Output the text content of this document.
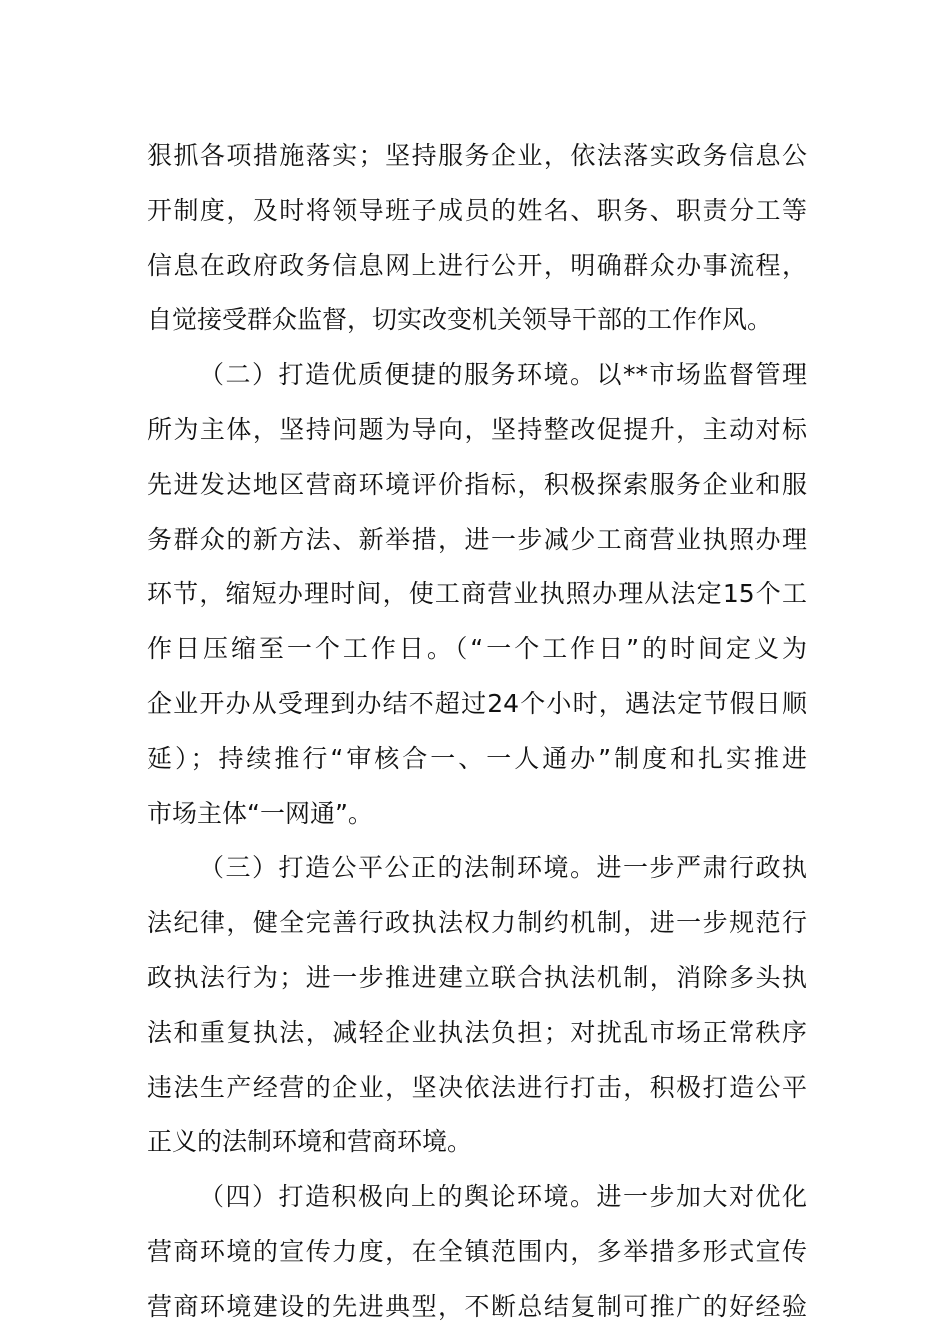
狠抓各项措施落实；坚持服务企业，依法落实政务信息公
开制度，及时将领导班子成员的姓名、职务、职责分工等
信息在政府政务信息网上进行公开，明确群众办事流程，
自觉接受群众监督，切实改变机关领导干部的工作作风。
（二）打造优质便捷的服务环境。以**市场监督管理
所为主体，坚持问题为导向，坚持整改促提升，主动对标
先进发达地区营商环境评价指标，积极探索服务企业和服
务群众的新方法、新举措，进一步减少工商营业执照办理
环节，缩短办理时间，使工商营业执照办理从法定15个工
作日压缩至一个工作日。（“一个工作日”的时间定义为
企业开办从受理到办结不超过24个小时，遇法定节假日顺
延）；持续推行“审核合一、一人通办”制度和扎实推进
市场主体“一网通”。
（三）打造公平公正的法制环境。进一步严肃行政执
法纪律，健全完善行政执法权力制约机制，进一步规范行
政执法行为；进一步推进建立联合执法机制，消除多头执
法和重复执法，减轻企业执法负担；对扰乱市场正常秩序
违法生产经营的企业，坚决依法进行打击，积极打造公平
正义的法制环境和营商环境。
（四）打造积极向上的舆论环境。进一步加大对优化
营商环境的宣传力度，在全镇范围内，多举措多形式宣传
营商环境建设的先进典型，不断总结复制可推广的好经验
